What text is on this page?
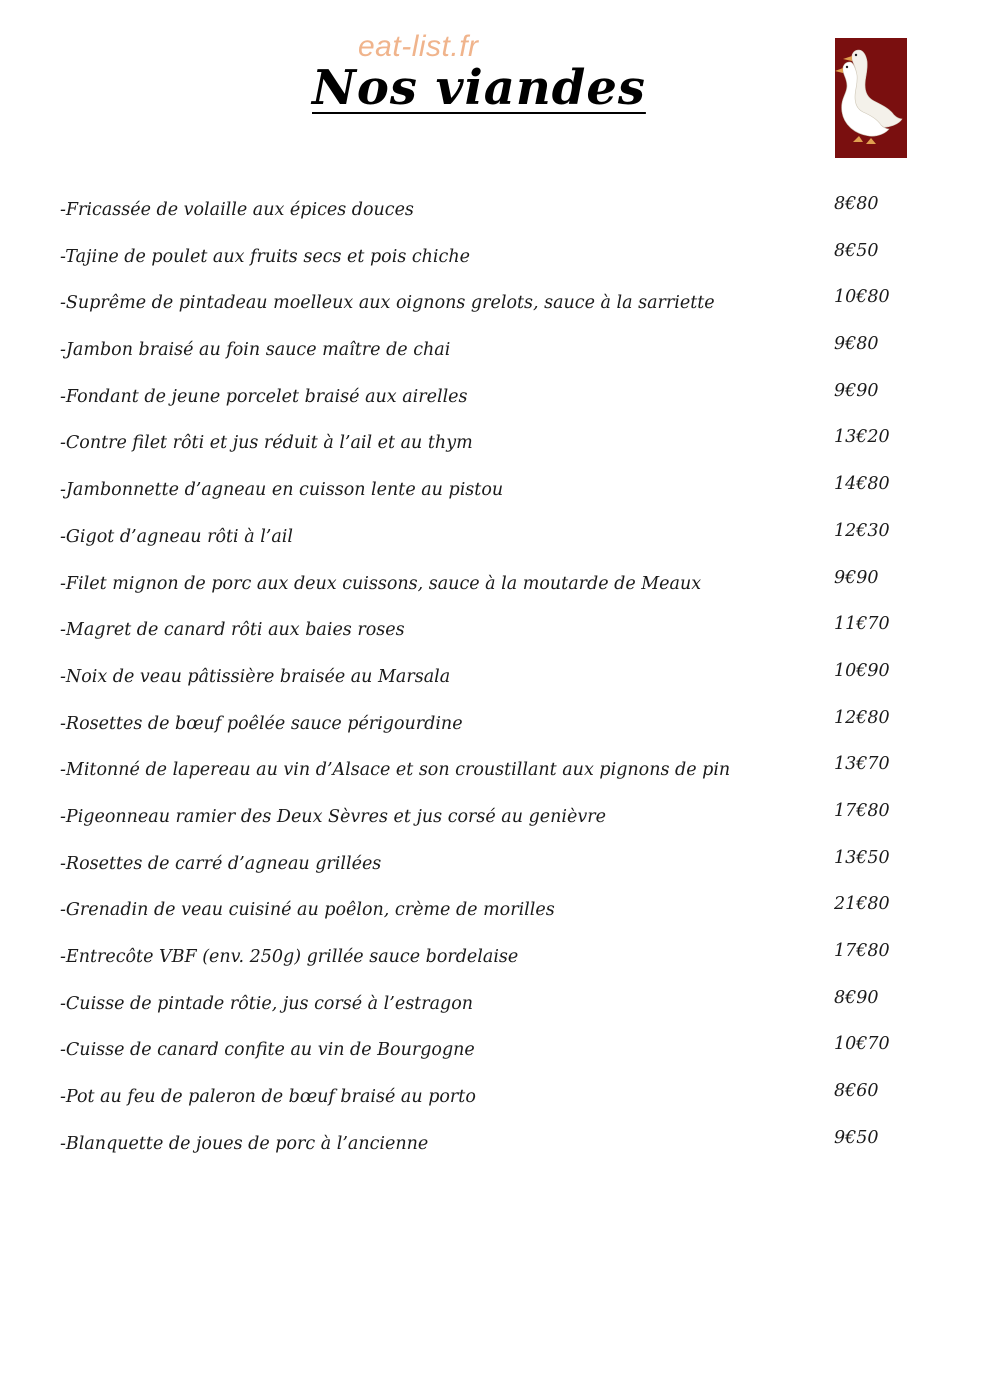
eat-list.fr
Nos viandes
-Fricassée de volaille aux épices douces	8€80
-Tajine de poulet aux fruits secs et pois chiche	8€50
-Suprême de pintadeau moelleux aux oignons grelots, sauce à la sarriette	10€80
-Jambon braisé au foin sauce maître de chai	9€80
-Fondant de jeune porcelet braisé aux airelles	9€90
-Contre filet rôti et jus réduit à l’ail et au thym	13€20
-Jambonnette d’agneau en cuisson lente au pistou	14€80
-Gigot d’agneau rôti à l’ail	12€30
-Filet mignon de porc aux deux cuissons, sauce à la moutarde de Meaux	9€90
-Magret de canard rôti aux baies roses	11€70
-Noix de veau pâtissière braisée au Marsala	10€90
-Rosettes de bœuf poêlée sauce périgourdine	12€80
-Mitonné de lapereau au vin d’Alsace et son croustillant aux pignons de pin	13€70
-Pigeonneau ramier des Deux Sèvres et jus corsé au genièvre	17€80
-Rosettes de carré d’agneau grillées	13€50
-Grenadin de veau cuisiné au poêlon, crème de morilles	21€80
-Entrecôte VBF (env. 250g) grillée sauce bordelaise	17€80
-Cuisse de pintade rôtie, jus corsé à l’estragon	8€90
-Cuisse de canard confite au vin de Bourgogne	10€70
-Pot au feu de paleron de bœuf braisé au porto	8€60
-Blanquette de joues de porc à l’ancienne	9€50
